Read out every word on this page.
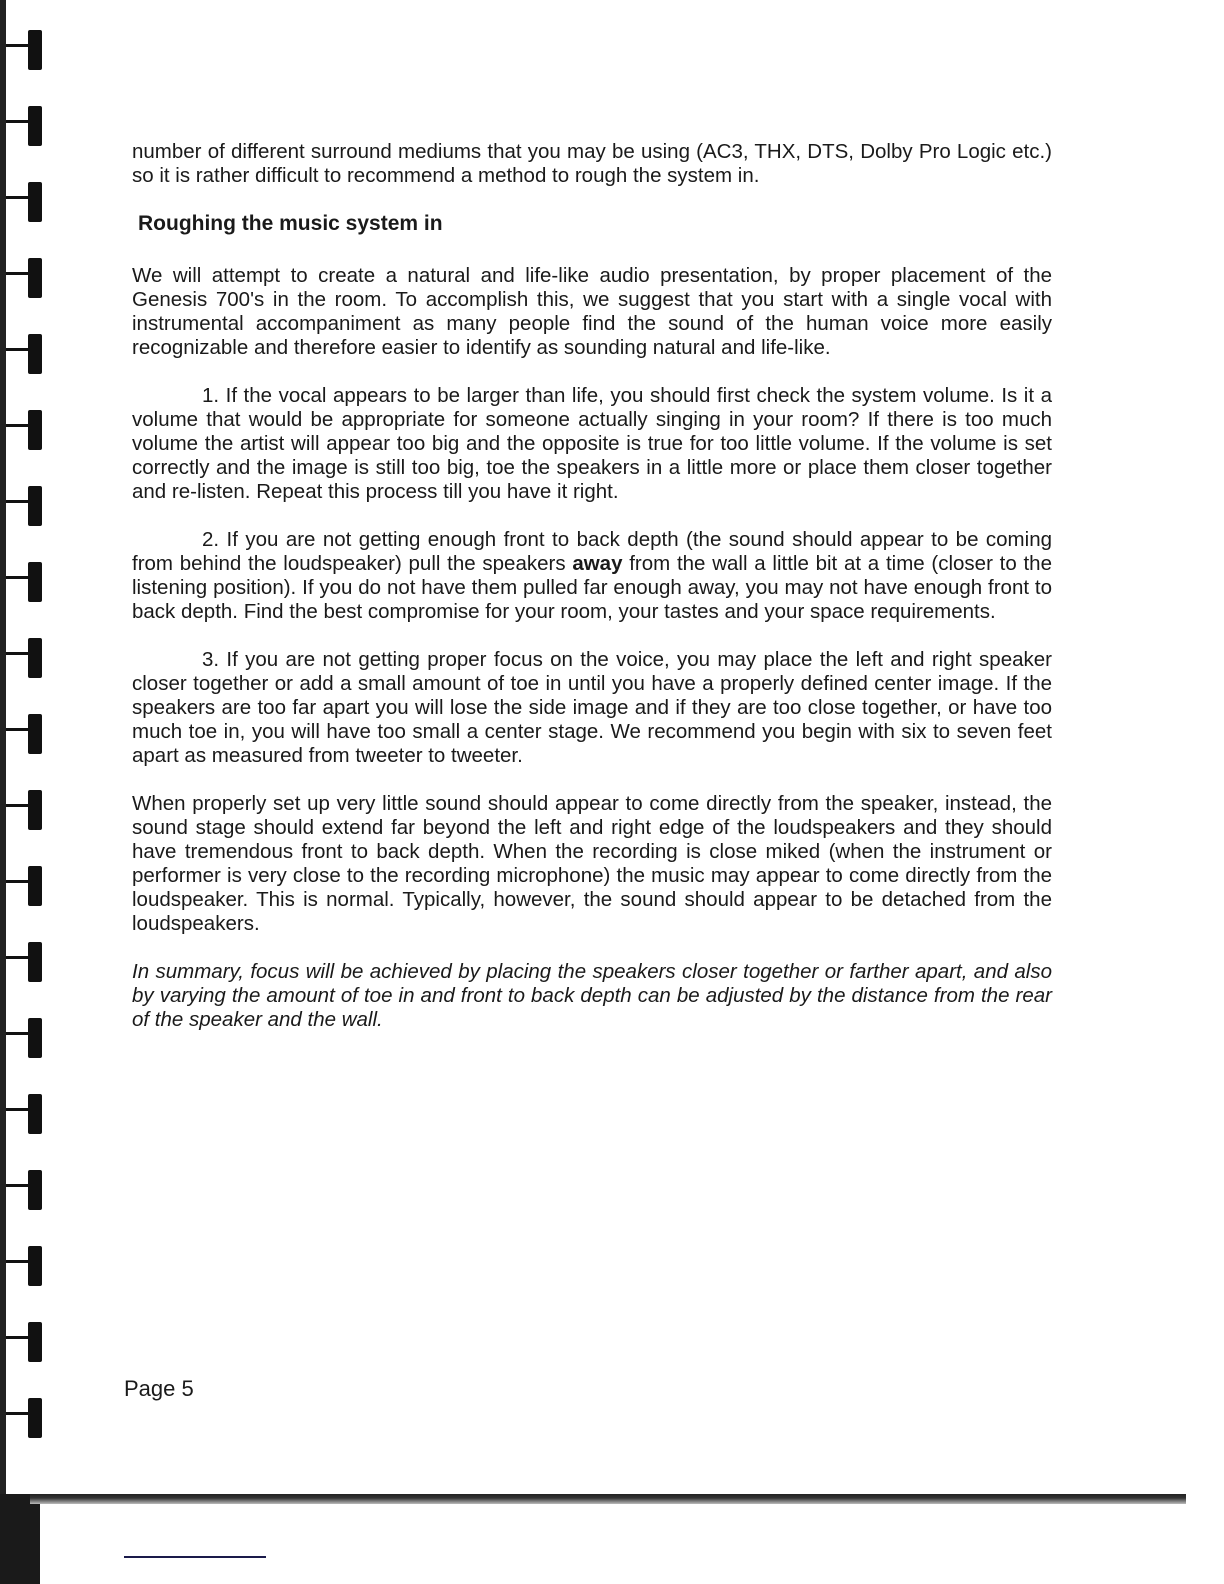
number of different surround mediums that you may be using (AC3, THX, DTS, Dolby Pro Logic etc.) so it is rather difficult to recommend a method to rough the system in.

Roughing the music system in

We will attempt to create a natural and life-like audio presentation, by proper placement of the Genesis 700's in the room. To accomplish this, we suggest that you start with a single vocal with instrumental accompaniment as many people find the sound of the human voice more easily recognizable and therefore easier to identify as sounding natural and life-like.

1. If the vocal appears to be larger than life, you should first check the system volume. Is it a volume that would be appropriate for someone actually singing in your room? If there is too much volume the artist will appear too big and the opposite is true for too little volume. If the volume is set correctly and the image is still too big, toe the speakers in a little more or place them closer together and re-listen. Repeat this process till you have it right.

2. If you are not getting enough front to back depth (the sound should appear to be coming from behind the loudspeaker) pull the speakers away from the wall a little bit at a time (closer to the listening position). If you do not have them pulled far enough away, you may not have enough front to back depth. Find the best compromise for your room, your tastes and your space requirements.

3. If you are not getting proper focus on the voice, you may place the left and right speaker closer together or add a small amount of toe in until you have a properly defined center image. If the speakers are too far apart you will lose the side image and if they are too close together, or have too much toe in, you will have too small a center stage. We recommend you begin with six to seven feet apart as measured from tweeter to tweeter.

When properly set up very little sound should appear to come directly from the speaker, instead, the sound stage should extend far beyond the left and right edge of the loudspeakers and they should have tremendous front to back depth. When the recording is close miked (when the instrument or performer is very close to the recording microphone) the music may appear to come directly from the loudspeaker. This is normal. Typically, however, the sound should appear to be detached from the loudspeakers.

In summary, focus will be achieved by placing the speakers closer together or farther apart, and also by varying the amount of toe in and front to back depth can be adjusted by the distance from the rear of the speaker and the wall.

Page 5
